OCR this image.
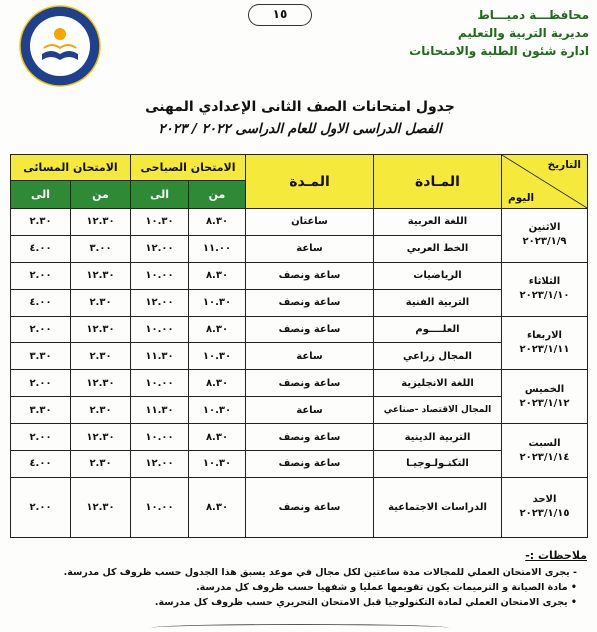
١٥	محافظـــة دميـــاط
مديرية التربية والتعليم
ادارة شئون الطلبة والامتحانات
جدول امتحانات الصف الثانى الإعدادي المهنى
الفصل الدراسى الاول للعام الدراسى ٢٠٢٢ / ٢٠٢٣
التاريخ
اليوم	المـادة	المـدة	الامتحان الصباحى		الامتحان المسائى	
			من	الى	من	الى

الاثنين
٢٠٢٣/١/٩	اللغة العربية	ساعتان	٨.٣٠	١٠.٣٠	١٢.٣٠	٢.٣٠
	الخط العربي	ساعة	١١.٠٠	١٢.٠٠	٣.٠٠	٤.٠٠

الثلاثاء
٢٠٢٣/١/١٠	الرياضيات	ساعة ونصف	٨.٣٠	١٠.٠٠	١٢.٣٠	٢.٠٠
	التربية الفنية	ساعة ونصف	١٠.٣٠	١٢.٠٠	٢.٣٠	٤.٠٠

الاربعاء
٢٠٢٣/١/١١	العلــــوم	ساعة ونصف	٨.٣٠	١٠.٠٠	١٢.٣٠	٢.٠٠
	المجال زراعي	ساعة	١٠.٣٠	١١.٣٠	٢.٣٠	٣.٣٠

الخميس
٢٠٢٣/١/١٢	اللغة الانجليزية	ساعة ونصف	٨.٣٠	١٠.٠٠	١٢.٣٠	٢.٠٠
	المجال الاقتصاد -صناعي	ساعة	١٠.٣٠	١١.٣٠	٢.٣٠	٣.٣٠

السبت
٢٠٢٣/١/١٤	التربية الدينية	ساعة ونصف	٨.٣٠	١٠.٠٠	١٢.٣٠	٢.٠٠
	التكنـولـوجيـا	ساعة ونصف	١٠.٣٠	١٢.٠٠	٢.٣٠	٤.٠٠

الاحد
٢٠٢٣/١/١٥	الدراسات الاجتماعية	ساعة ونصف	٨.٣٠	١٠.٠٠	١٢.٣٠	٢.٠٠
ملاحظات :-
- يجرى الامتحان العملي للمجالات مدة ساعتين لكل مجال في موعد يسبق هذا الجدول حسب ظروف كل مدرسة.
• مادة الصيانة و الترميمات يكون تقويمها عمليا و شفهيا حسب ظروف كل مدرسة.
• يجرى الامتحان العملي لمادة التكنولوجيا قبل الامتحان التحريري حسب ظروف كل مدرسة.
